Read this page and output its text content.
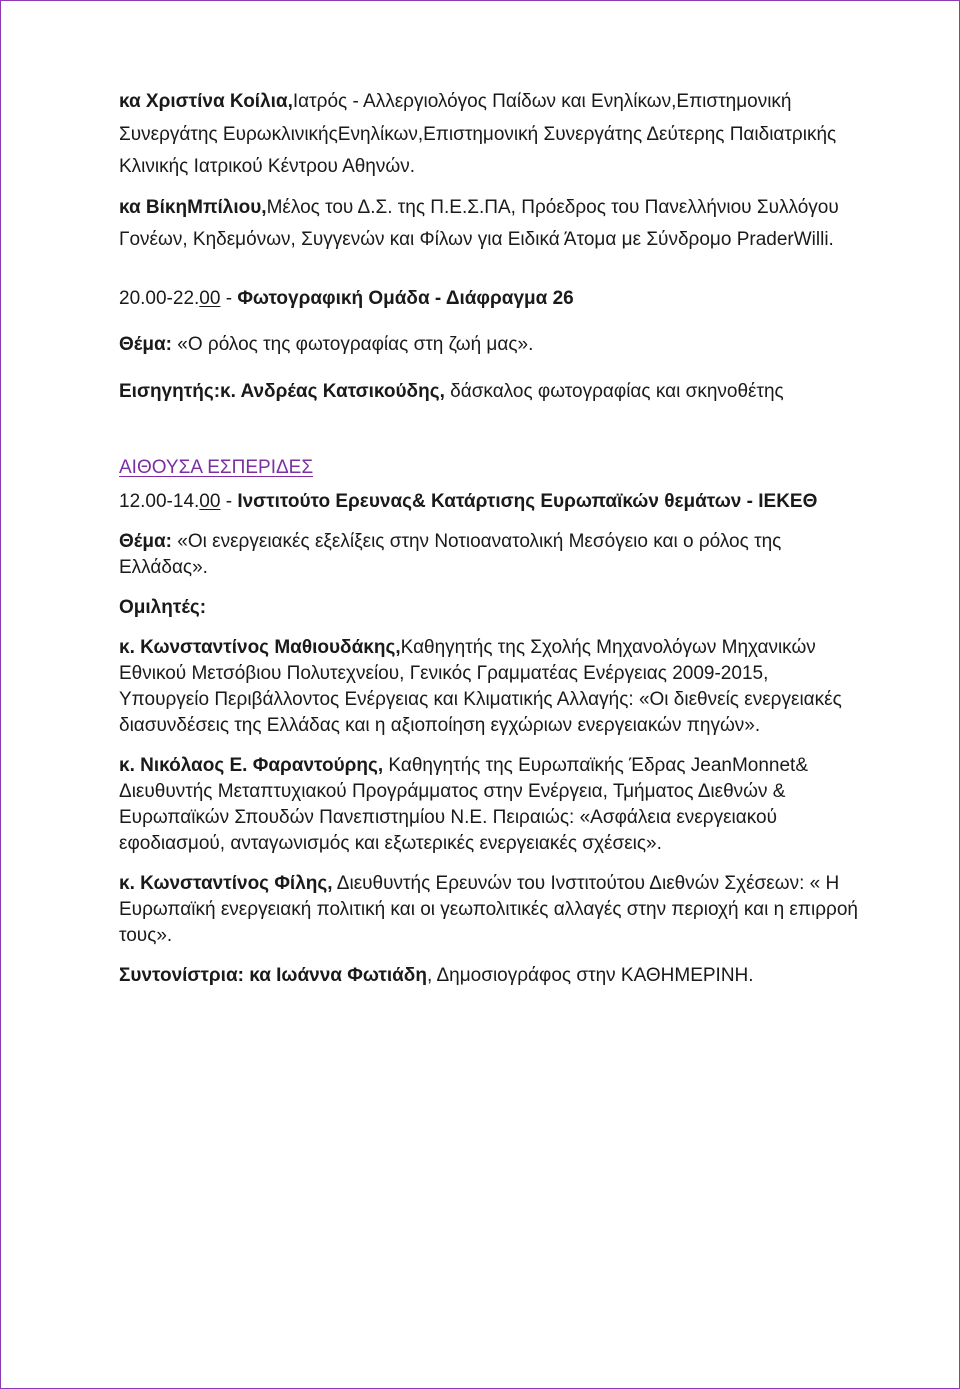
κα Χριστίνα Κοίλια,Ιατρός - Αλλεργιολόγος Παίδων και Ενηλίκων,Επιστημονική Συνεργάτης ΕυρωκλινικήςΕνηλίκων,Επιστημονική Συνεργάτης Δεύτερης Παιδιατρικής Κλινικής Ιατρικού Κέντρου Αθηνών.

κα ΒίκηΜπίλιου,Μέλος του Δ.Σ. της Π.Ε.Σ.ΠΑ, Πρόεδρος του Πανελλήνιου Συλλόγου Γονέων, Κηδεμόνων, Συγγενών και Φίλων για Ειδικά Άτομα με Σύνδρομο PraderWilli.

20.00-22.00 - Φωτογραφική Ομάδα - Διάφραγμα 26

Θέμα: «Ο ρόλος της φωτογραφίας στη ζωή μας».

Εισηγητής:κ. Ανδρέας Κατσικούδης, δάσκαλος φωτογραφίας και σκηνοθέτης

ΑΙΘΟΥΣΑ ΕΣΠΕΡΙΔΕΣ

12.00-14.00 - Ινστιτούτο Ερευνας& Κατάρτισης Ευρωπαϊκών θεμάτων - ΙΕΚΕΘ

Θέμα: «Οι ενεργειακές εξελίξεις στην Νοτιοανατολική Μεσόγειο και ο ρόλος της Ελλάδας».

Ομιλητές:

κ. Κωνσταντίνος Μαθιουδάκης,Καθηγητής της Σχολής Μηχανολόγων Μηχανικών Εθνικού Μετσόβιου Πολυτεχνείου, Γενικός Γραμματέας Ενέργειας 2009-2015, Υπουργείο Περιβάλλοντος Ενέργειας και Κλιματικής Αλλαγής: «Οι διεθνείς ενεργειακές διασυνδέσεις της Ελλάδας και η αξιοποίηση εγχώριων ενεργειακών πηγών».

κ. Νικόλαος Ε. Φαραντούρης, Καθηγητής της Ευρωπαϊκής Έδρας JeanMonnet& Διευθυντής Μεταπτυχιακού Προγράμματος στην Ενέργεια, Τμήματος Διεθνών & Ευρωπαϊκών Σπουδών Πανεπιστημίου Ν.Ε. Πειραιώς: «Ασφάλεια ενεργειακού εφοδιασμού, ανταγωνισμός και εξωτερικές ενεργειακές σχέσεις».

κ. Κωνσταντίνος Φίλης, Διευθυντής Ερευνών του Ινστιτούτου Διεθνών Σχέσεων: « Η Ευρωπαϊκή ενεργειακή πολιτική και οι γεωπολιτικές αλλαγές στην περιοχή και η επιρροή τους».

Συντονίστρια: κα Ιωάννα Φωτιάδη, Δημοσιογράφος στην ΚΑΘΗΜΕΡΙΝΗ.
